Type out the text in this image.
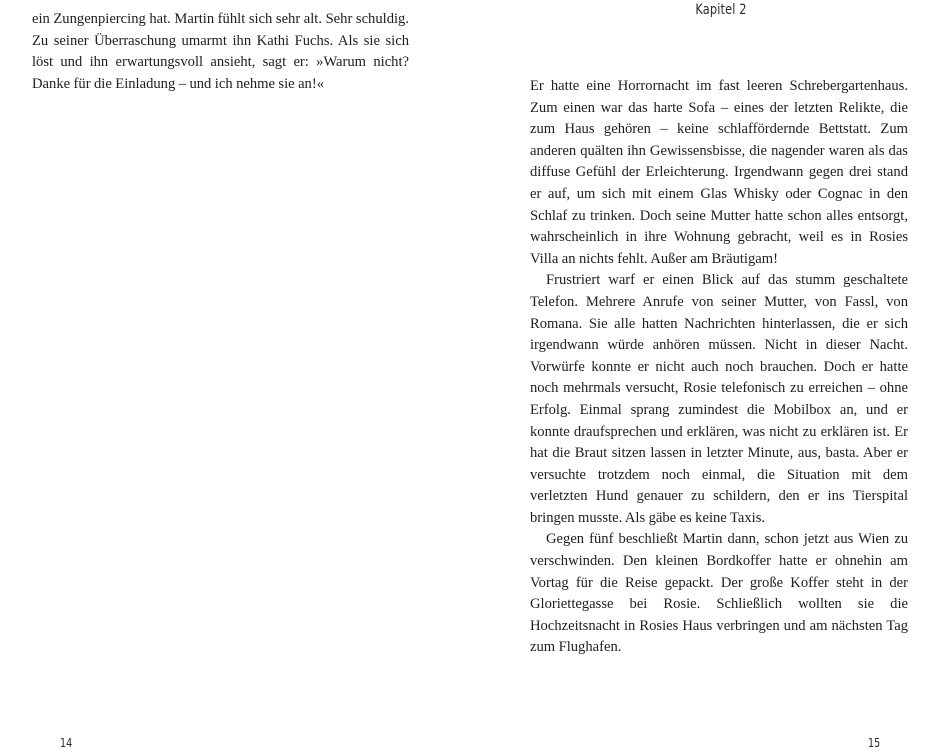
ein Zungenpiercing hat. Martin fühlt sich sehr alt. Sehr schuldig. Zu seiner Überraschung umarmt ihn Kathi Fuchs. Als sie sich löst und ihn erwartungsvoll ansieht, sagt er: »Warum nicht? Danke für die Einladung – und ich nehme sie an!«

14
Kapitel 2

Er hatte eine Horrornacht im fast leeren Schrebergartenhaus. Zum einen war das harte Sofa – eines der letzten Relikte, die zum Haus gehören – keine schlaffördernde Bettstatt. Zum anderen quälten ihn Gewissensbisse, die nagender waren als das diffuse Gefühl der Erleichterung. Irgendwann gegen drei stand er auf, um sich mit einem Glas Whisky oder Cognac in den Schlaf zu trinken. Doch seine Mutter hatte schon alles entsorgt, wahrscheinlich in ihre Wohnung gebracht, weil es in Rosies Villa an nichts fehlt. Außer am Bräutigam!

Frustriert warf er einen Blick auf das stumm geschaltete Telefon. Mehrere Anrufe von seiner Mutter, von Fassl, von Romana. Sie alle hatten Nachrichten hinterlassen, die er sich irgendwann würde anhören müssen. Nicht in dieser Nacht. Vorwürfe konnte er nicht auch noch brauchen. Doch er hatte noch mehrmals versucht, Rosie telefonisch zu erreichen – ohne Erfolg. Einmal sprang zumindest die Mobilbox an, und er konnte draufsprechen und erklären, was nicht zu erklären ist. Er hat die Braut sitzen lassen in letzter Minute, aus, basta. Aber er versuchte trotzdem noch einmal, die Situation mit dem verletzten Hund genauer zu schildern, den er ins Tierspital bringen musste. Als gäbe es keine Taxis.

Gegen fünf beschließt Martin dann, schon jetzt aus Wien zu verschwinden. Den kleinen Bordkoffer hatte er ohnehin am Vortag für die Reise gepackt. Der große Koffer steht in der Gloriettegasse bei Rosie. Schließlich wollten sie die Hochzeitsnacht in Rosies Haus verbringen und am nächsten Tag zum Flughafen.

15
